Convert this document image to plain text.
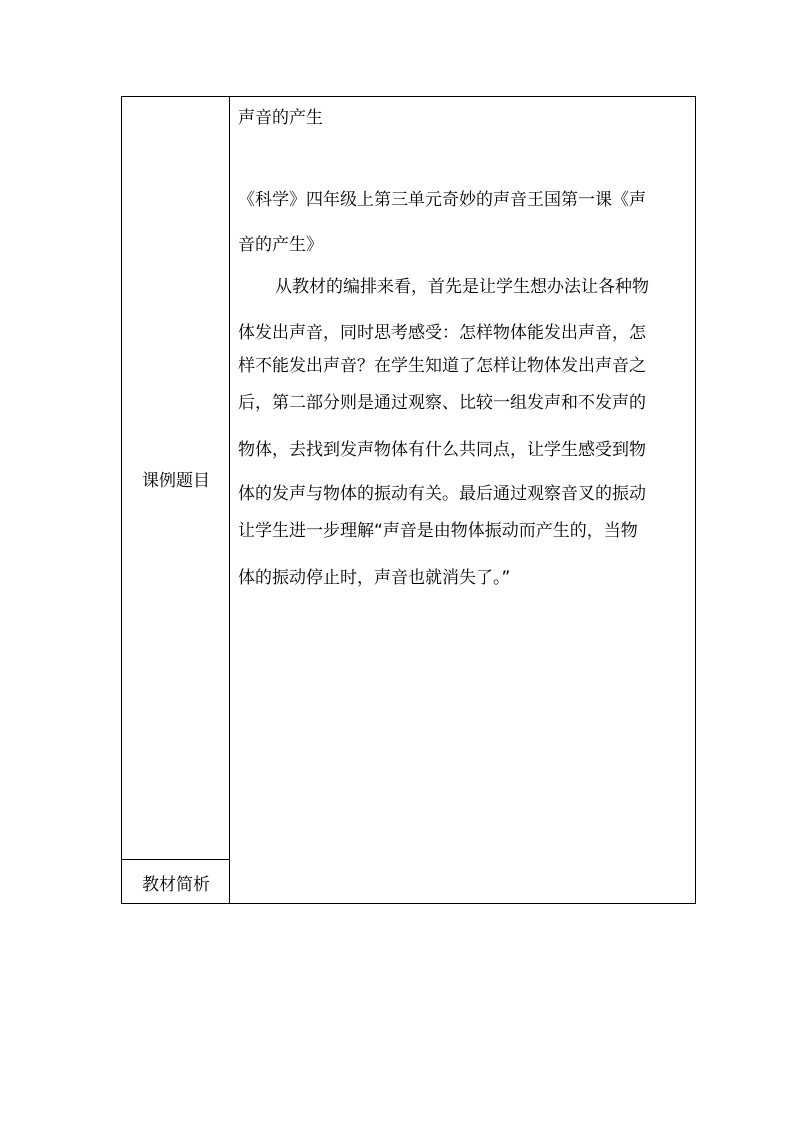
课例题目
教材简析
声音的产生
《科学》四年级上第三单元奇妙的声音王国第一课《声
音的产生》
从教材的编排来看，首先是让学生想办法让各种物
体发出声音，同时思考感受：怎样物体能发出声音，怎
样不能发出声音？在学生知道了怎样让物体发出声音之
后，第二部分则是通过观察、比较一组发声和不发声的
物体，去找到发声物体有什么共同点，让学生感受到物
体的发声与物体的振动有关。最后通过观察音叉的振动
让学生进一步理解“声音是由物体振动而产生的，当物
体的振动停止时，声音也就消失了。”
